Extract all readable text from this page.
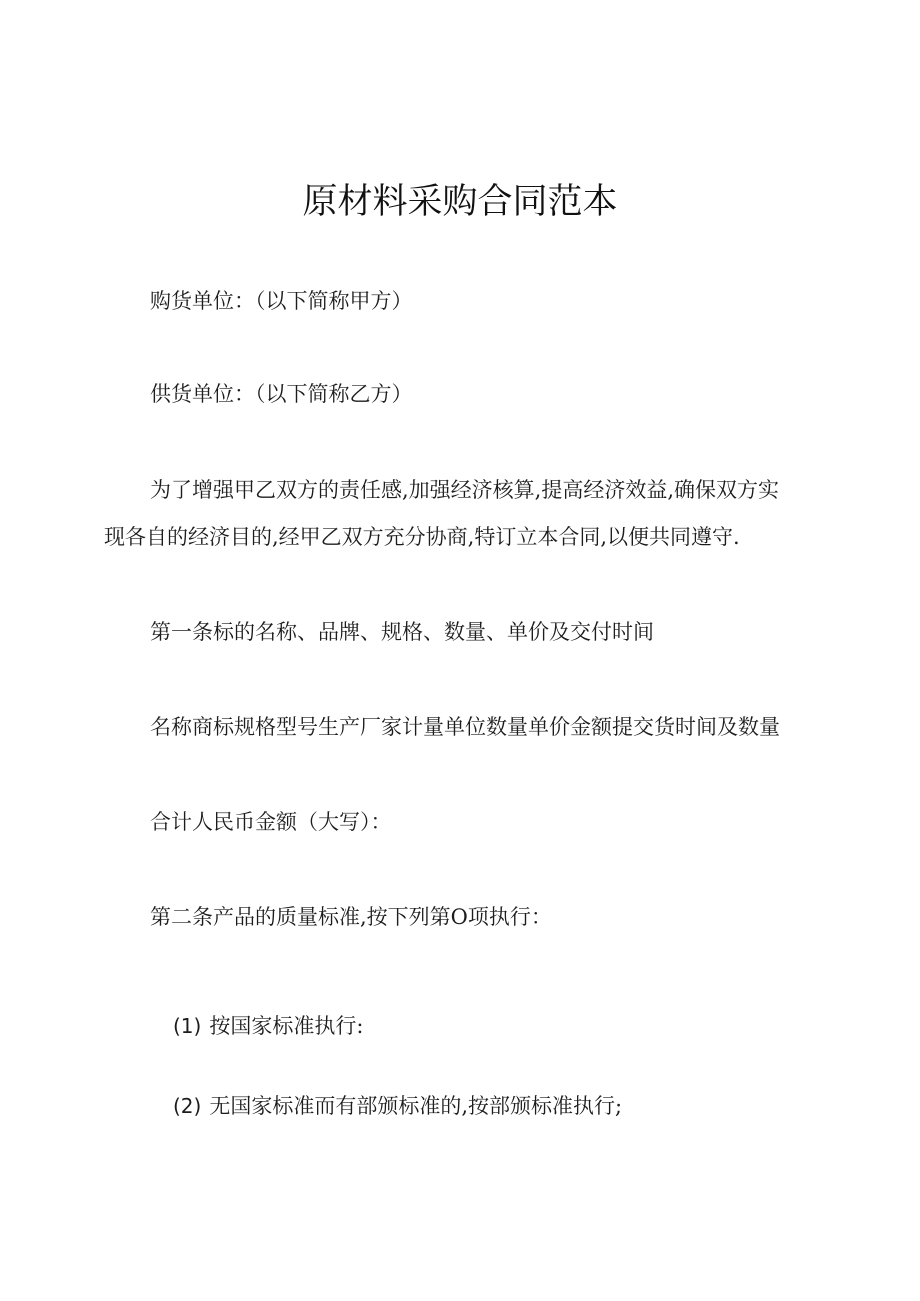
原材料采购合同范本
购货单位：（以下简称甲方）
供货单位：（以下简称乙方）
为了增强甲乙双方的责任感,加强经济核算,提高经济效益,确保双方实
现各自的经济目的,经甲乙双方充分协商,特订立本合同,以便共同遵守.
第一条标的名称、品牌、规格、数量、单价及交付时间
名称商标规格型号生产厂家计量单位数量单价金额提交货时间及数量
合计人民币金额（大写）：
第二条产品的质量标准,按下列第O项执行：
(1) 按国家标准执行:
(2) 无国家标准而有部颁标准的,按部颁标准执行;
